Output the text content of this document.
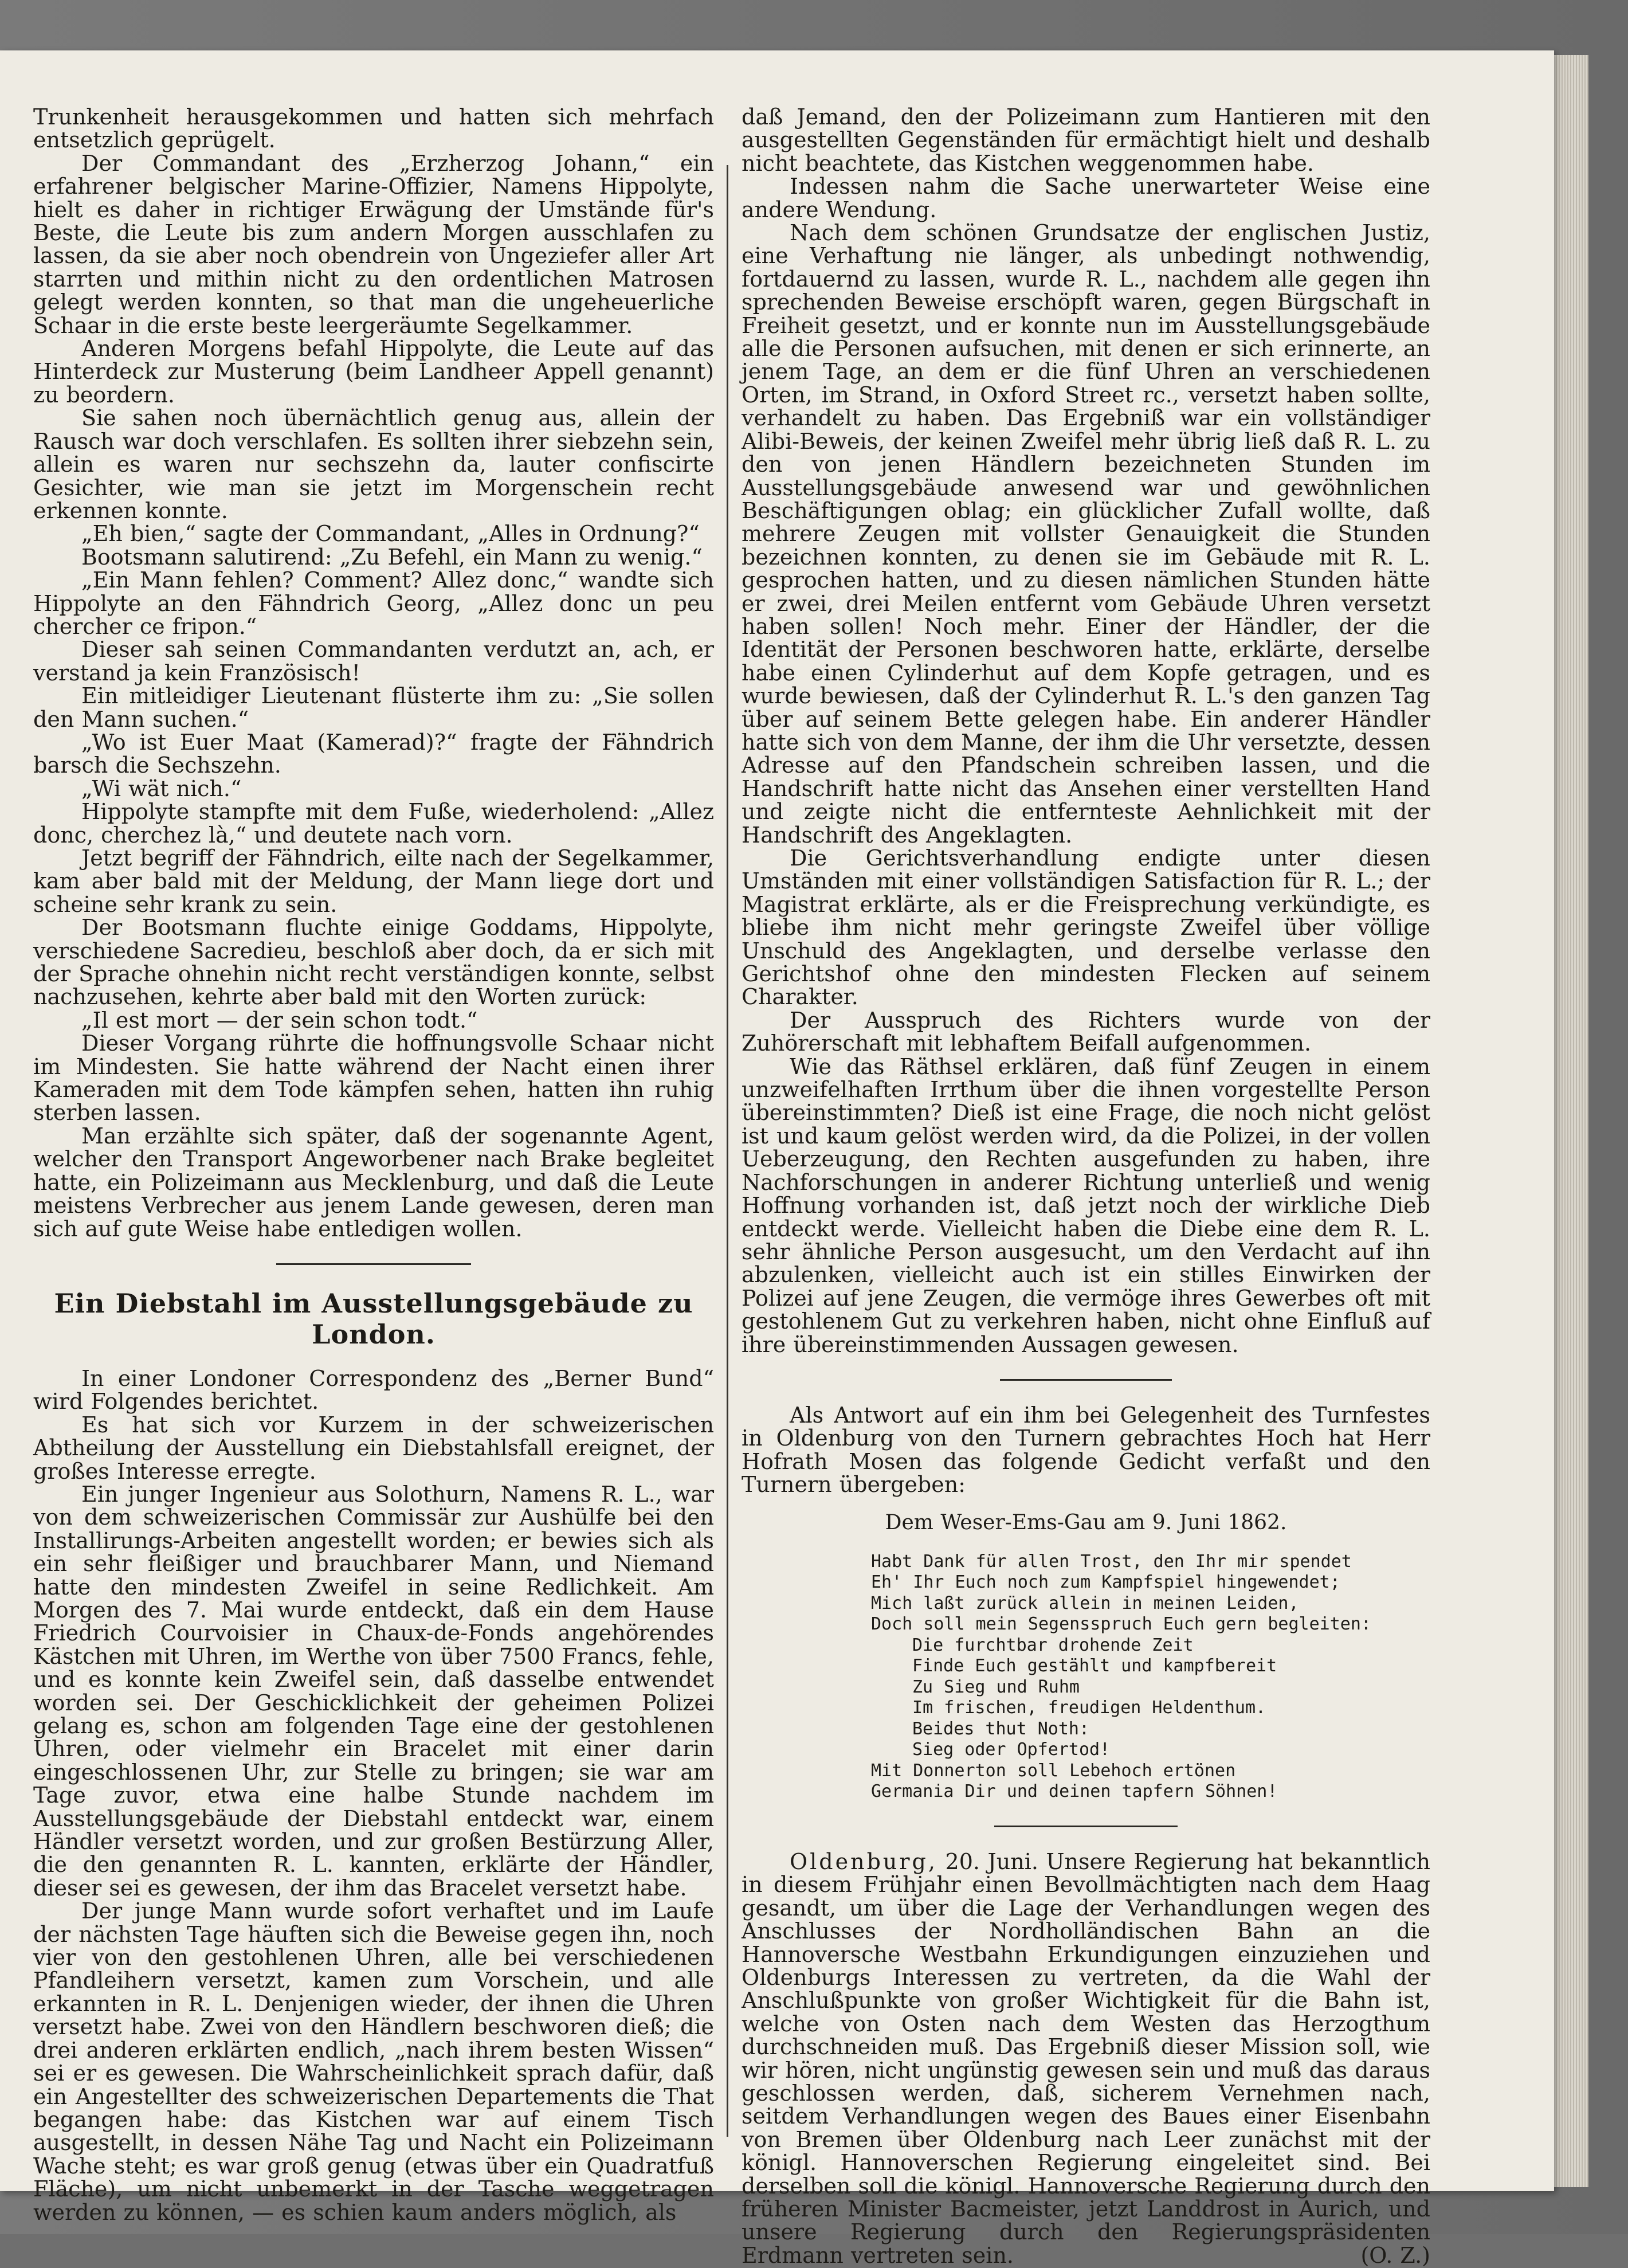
Trunkenheit herausgekommen und hatten sich mehrfach entsetzlich geprügelt.

Der Commandant des „Erzherzog Johann,“ ein erfahrener belgischer Marine-Offizier, Namens Hippolyte, hielt es daher in richtiger Erwägung der Umstände für's Beste, die Leute bis zum andern Morgen ausschlafen zu lassen, da sie aber noch obendrein von Ungeziefer aller Art starrten und mithin nicht zu den ordentlichen Matrosen gelegt werden konnten, so that man die ungeheuerliche Schaar in die erste beste leergeräumte Segelkammer.

Anderen Morgens befahl Hippolyte, die Leute auf das Hinterdeck zur Musterung (beim Landheer Appell genannt) zu beordern.

Sie sahen noch übernächtlich genug aus, allein der Rausch war doch verschlafen. Es sollten ihrer siebzehn sein, allein es waren nur sechszehn da, lauter confiscirte Gesichter, wie man sie jetzt im Morgenschein recht erkennen konnte.

„Eh bien,“ sagte der Commandant, „Alles in Ordnung?“

Bootsmann salutirend: „Zu Befehl, ein Mann zu wenig.“

„Ein Mann fehlen? Comment? Allez donc,“ wandte sich Hippolyte an den Fähndrich Georg, „Allez donc un peu chercher ce fripon.“

Dieser sah seinen Commandanten verdutzt an, ach, er verstand ja kein Französisch!

Ein mitleidiger Lieutenant flüsterte ihm zu: „Sie sollen den Mann suchen.“

„Wo ist Euer Maat (Kamerad)?“ fragte der Fähndrich barsch die Sechszehn.

„Wi wät nich.“

Hippolyte stampfte mit dem Fuße, wiederholend: „Allez donc, cherchez là,“ und deutete nach vorn.

Jetzt begriff der Fähndrich, eilte nach der Segelkammer, kam aber bald mit der Meldung, der Mann liege dort und scheine sehr krank zu sein.

Der Bootsmann fluchte einige Goddams, Hippolyte, verschiedene Sacredieu, beschloß aber doch, da er sich mit der Sprache ohnehin nicht recht verständigen konnte, selbst nachzusehen, kehrte aber bald mit den Worten zurück:

„Il est mort — der sein schon todt.“

Dieser Vorgang rührte die hoffnungsvolle Schaar nicht im Mindesten. Sie hatte während der Nacht einen ihrer Kameraden mit dem Tode kämpfen sehen, hatten ihn ruhig sterben lassen.

Man erzählte sich später, daß der sogenannte Agent, welcher den Transport Angeworbener nach Brake begleitet hatte, ein Polizeimann aus Mecklenburg, und daß die Leute meistens Verbrecher aus jenem Lande gewesen, deren man sich auf gute Weise habe entledigen wollen.

Ein Diebstahl im Ausstellungsgebäude zu London.

In einer Londoner Correspondenz des „Berner Bund“ wird Folgendes berichtet.

Es hat sich vor Kurzem in der schweizerischen Abtheilung der Ausstellung ein Diebstahlsfall ereignet, der großes Interesse erregte.

Ein junger Ingenieur aus Solothurn, Namens R. L., war von dem schweizerischen Commissär zur Aushülfe bei den Installirungs-Arbeiten angestellt worden; er bewies sich als ein sehr fleißiger und brauchbarer Mann, und Niemand hatte den mindesten Zweifel in seine Redlichkeit. Am Morgen des 7. Mai wurde entdeckt, daß ein dem Hause Friedrich Courvoisier in Chaux-de-Fonds angehörendes Kästchen mit Uhren, im Werthe von über 7500 Francs, fehle, und es konnte kein Zweifel sein, daß dasselbe entwendet worden sei. Der Geschicklichkeit der geheimen Polizei gelang es, schon am folgenden Tage eine der gestohlenen Uhren, oder vielmehr ein Bracelet mit einer darin eingeschlossenen Uhr, zur Stelle zu bringen; sie war am Tage zuvor, etwa eine halbe Stunde nachdem im Ausstellungsgebäude der Diebstahl entdeckt war, einem Händler versetzt worden, und zur großen Bestürzung Aller, die den genannten R. L. kannten, erklärte der Händler, dieser sei es gewesen, der ihm das Bracelet versetzt habe.

Der junge Mann wurde sofort verhaftet und im Laufe der nächsten Tage häuften sich die Beweise gegen ihn, noch vier von den gestohlenen Uhren, alle bei verschiedenen Pfandleihern versetzt, kamen zum Vorschein, und alle erkannten in R. L. Denjenigen wieder, der ihnen die Uhren versetzt habe. Zwei von den Händlern beschworen dieß; die drei anderen erklärten endlich, „nach ihrem besten Wissen“ sei er es gewesen. Die Wahrscheinlichkeit sprach dafür, daß ein Angestellter des schweizerischen Departements die That begangen habe: das Kistchen war auf einem Tisch ausgestellt, in dessen Nähe Tag und Nacht ein Polizeimann Wache steht; es war groß genug (etwas über ein Quadratfuß Fläche), um nicht unbemerkt in der Tasche weggetragen werden zu können, — es schien kaum anders möglich, als

daß Jemand, den der Polizeimann zum Hantieren mit den ausgestellten Gegenständen für ermächtigt hielt und deshalb nicht beachtete, das Kistchen weggenommen habe.

Indessen nahm die Sache unerwarteter Weise eine andere Wendung.

Nach dem schönen Grundsatze der englischen Justiz, eine Verhaftung nie länger, als unbedingt nothwendig, fortdauernd zu lassen, wurde R. L., nachdem alle gegen ihn sprechenden Beweise erschöpft waren, gegen Bürgschaft in Freiheit gesetzt, und er konnte nun im Ausstellungsgebäude alle die Personen aufsuchen, mit denen er sich erinnerte, an jenem Tage, an dem er die fünf Uhren an verschiedenen Orten, im Strand, in Oxford Street rc., versetzt haben sollte, verhandelt zu haben. Das Ergebniß war ein vollständiger Alibi-Beweis, der keinen Zweifel mehr übrig ließ daß R. L. zu den von jenen Händlern bezeichneten Stunden im Ausstellungsgebäude anwesend war und gewöhnlichen Beschäftigungen oblag; ein glücklicher Zufall wollte, daß mehrere Zeugen mit vollster Genauigkeit die Stunden bezeichnen konnten, zu denen sie im Gebäude mit R. L. gesprochen hatten, und zu diesen nämlichen Stunden hätte er zwei, drei Meilen entfernt vom Gebäude Uhren versetzt haben sollen! Noch mehr. Einer der Händler, der die Identität der Personen beschworen hatte, erklärte, derselbe habe einen Cylinderhut auf dem Kopfe getragen, und es wurde bewiesen, daß der Cylinderhut R. L.'s den ganzen Tag über auf seinem Bette gelegen habe. Ein anderer Händler hatte sich von dem Manne, der ihm die Uhr versetzte, dessen Adresse auf den Pfandschein schreiben lassen, und die Handschrift hatte nicht das Ansehen einer verstellten Hand und zeigte nicht die entfernteste Aehnlichkeit mit der Handschrift des Angeklagten.

Die Gerichtsverhandlung endigte unter diesen Umständen mit einer vollständigen Satisfaction für R. L.; der Magistrat erklärte, als er die Freisprechung verkündigte, es bliebe ihm nicht mehr geringste Zweifel über völlige Unschuld des Angeklagten, und derselbe verlasse den Gerichtshof ohne den mindesten Flecken auf seinem Charakter.

Der Ausspruch des Richters wurde von der Zuhörerschaft mit lebhaftem Beifall aufgenommen.

Wie das Räthsel erklären, daß fünf Zeugen in einem unzweifelhaften Irrthum über die ihnen vorgestellte Person übereinstimmten? Dieß ist eine Frage, die noch nicht gelöst ist und kaum gelöst werden wird, da die Polizei, in der vollen Ueberzeugung, den Rechten ausgefunden zu haben, ihre Nachforschungen in anderer Richtung unterließ und wenig Hoffnung vorhanden ist, daß jetzt noch der wirkliche Dieb entdeckt werde. Vielleicht haben die Diebe eine dem R. L. sehr ähnliche Person ausgesucht, um den Verdacht auf ihn abzulenken, vielleicht auch ist ein stilles Einwirken der Polizei auf jene Zeugen, die vermöge ihres Gewerbes oft mit gestohlenem Gut zu verkehren haben, nicht ohne Einfluß auf ihre übereinstimmenden Aussagen gewesen.

Als Antwort auf ein ihm bei Gelegenheit des Turnfestes in Oldenburg von den Turnern gebrachtes Hoch hat Herr Hofrath Mosen das folgende Gedicht verfaßt und den Turnern übergeben:

Dem Weser-Ems-Gau am 9. Juni 1862.
Habt Dank für allen Trost, den Ihr mir spendet
Eh' Ihr Euch noch zum Kampfspiel hingewendet;
Mich laßt zurück allein in meinen Leiden,
Doch soll mein Segensspruch Euch gern begleiten:
Die furchtbar drohende Zeit
Finde Euch gestählt und kampfbereit
Zu Sieg und Ruhm
Im frischen, freudigen Heldenthum.
Beides thut Noth:
Sieg oder Opfertod!
Mit Donnerton soll Lebehoch ertönen
Germania Dir und deinen tapfern Söhnen!

Oldenburg, 20. Juni. Unsere Regierung hat bekanntlich in diesem Frühjahr einen Bevollmächtigten nach dem Haag gesandt, um über die Lage der Verhandlungen wegen des Anschlusses der Nordholländischen Bahn an die Hannoversche Westbahn Erkundigungen einzuziehen und Oldenburgs Interessen zu vertreten, da die Wahl der Anschlußpunkte von großer Wichtigkeit für die Bahn ist, welche von Osten nach dem Westen das Herzogthum durchschneiden muß. Das Ergebniß dieser Mission soll, wie wir hören, nicht ungünstig gewesen sein und muß das daraus geschlossen werden, daß, sicherem Vernehmen nach, seitdem Verhandlungen wegen des Baues einer Eisenbahn von Bremen über Oldenburg nach Leer zunächst mit der königl. Hannoverschen Regierung eingeleitet sind. Bei derselben soll die königl. Hannoversche Regierung durch den früheren Minister Bacmeister, jetzt Landdrost in Aurich, und unsere Regierung durch den Regierungspräsidenten Erdmann vertreten sein.	(O. Z.)
